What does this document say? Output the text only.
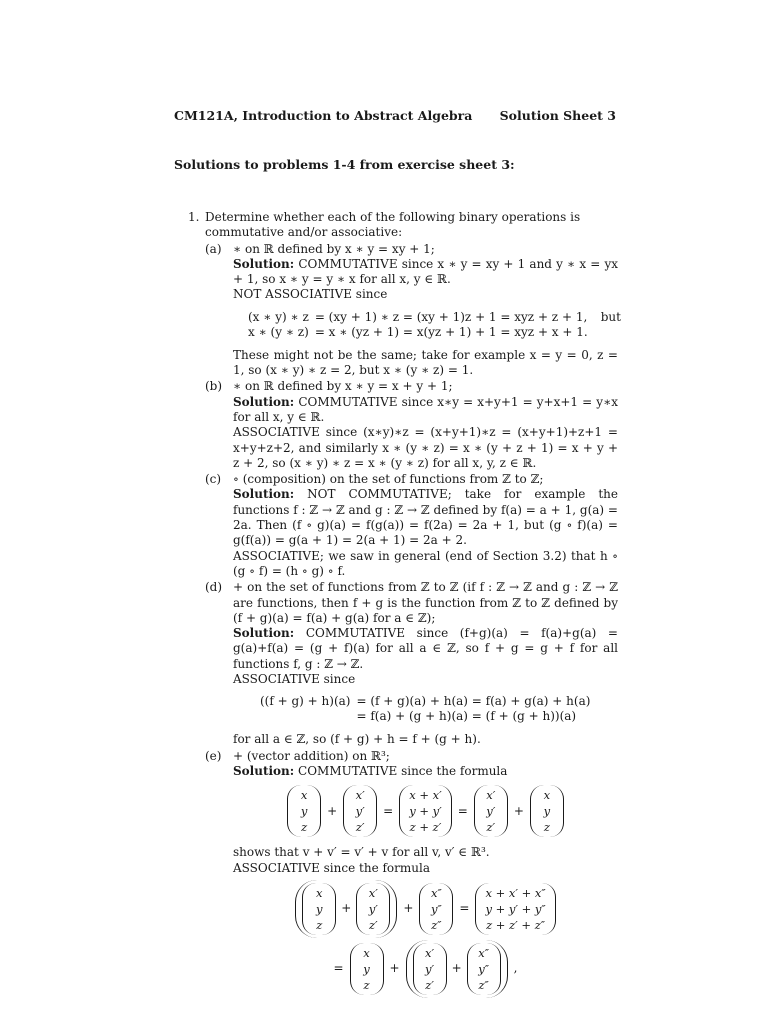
CM121A, Introduction to Abstract Algebra Solution Sheet 3
Solutions to problems 1-4 from exercise sheet 3:
1. Determine whether each of the following binary operations is commutative and/or associative:
(a) ∗ on ℝ defined by x ∗ y = xy + 1;
Solution: COMMUTATIVE since x ∗ y = xy + 1 and y ∗ x = yx + 1, so x ∗ y = y ∗ x for all x, y ∈ ℝ.
NOT ASSOCIATIVE since
(x ∗ y) ∗ z	= (xy + 1) ∗ z = (xy + 1)z + 1 = xyz + z + 1,	but
x ∗ (y ∗ z)	= x ∗ (yz + 1) = x(yz + 1) + 1 = xyz + x + 1.	
These might not be the same; take for example x = y = 0, z = 1, so (x ∗ y) ∗ z = 2, but x ∗ (y ∗ z) = 1.
(b) ∗ on ℝ defined by x ∗ y = x + y + 1;
Solution: COMMUTATIVE since x∗y = x+y+1 = y+x+1 = y∗x for all x, y ∈ ℝ.
ASSOCIATIVE since (x∗y)∗z = (x+y+1)∗z = (x+y+1)+z+1 = x+y+z+2, and similarly x ∗ (y ∗ z) = x ∗ (y + z + 1) = x + y + z + 2, so (x ∗ y) ∗ z = x ∗ (y ∗ z) for all x, y, z ∈ ℝ.
(c) ∘ (composition) on the set of functions from ℤ to ℤ;
Solution: NOT COMMUTATIVE; take for example the functions f : ℤ → ℤ and g : ℤ → ℤ defined by f(a) = a + 1, g(a) = 2a. Then (f ∘ g)(a) = f(g(a)) = f(2a) = 2a + 1, but (g ∘ f)(a) = g(f(a)) = g(a + 1) = 2(a + 1) = 2a + 2.
ASSOCIATIVE; we saw in general (end of Section 3.2) that h ∘ (g ∘ f) = (h ∘ g) ∘ f.
(d) + on the set of functions from ℤ to ℤ (if f : ℤ → ℤ and g : ℤ → ℤ are functions, then f + g is the function from ℤ to ℤ defined by (f + g)(a) = f(a) + g(a) for a ∈ ℤ);
Solution: COMMUTATIVE since (f+g)(a) = f(a)+g(a) = g(a)+f(a) = (g + f)(a) for all a ∈ ℤ, so f + g = g + f for all functions f, g : ℤ → ℤ.
ASSOCIATIVE since
((f + g) + h)(a)	= (f + g)(a) + h(a) = f(a) + g(a) + h(a)
	= f(a) + (g + h)(a) = (f + (g + h))(a)
for all a ∈ ℤ, so (f + g) + h = f + (g + h).
(e) + (vector addition) on ℝ³;
Solution: COMMUTATIVE since the formula
x
y
z
+
x′
y′
z′
=
x + x′
y + y′
z + z′
=
x′
y′
z′
+
x
y
z
shows that v + v′ = v′ + v for all v, v′ ∈ ℝ³.
ASSOCIATIVE since the formula
x
y
z
+
x′
y′
z′
+
x″
y″
z″
=
x + x′ + x″
y + y′ + y″
z + z′ + z″
=
x
y
z
+
x′
y′
z′
+
x″
y″
z″
,
